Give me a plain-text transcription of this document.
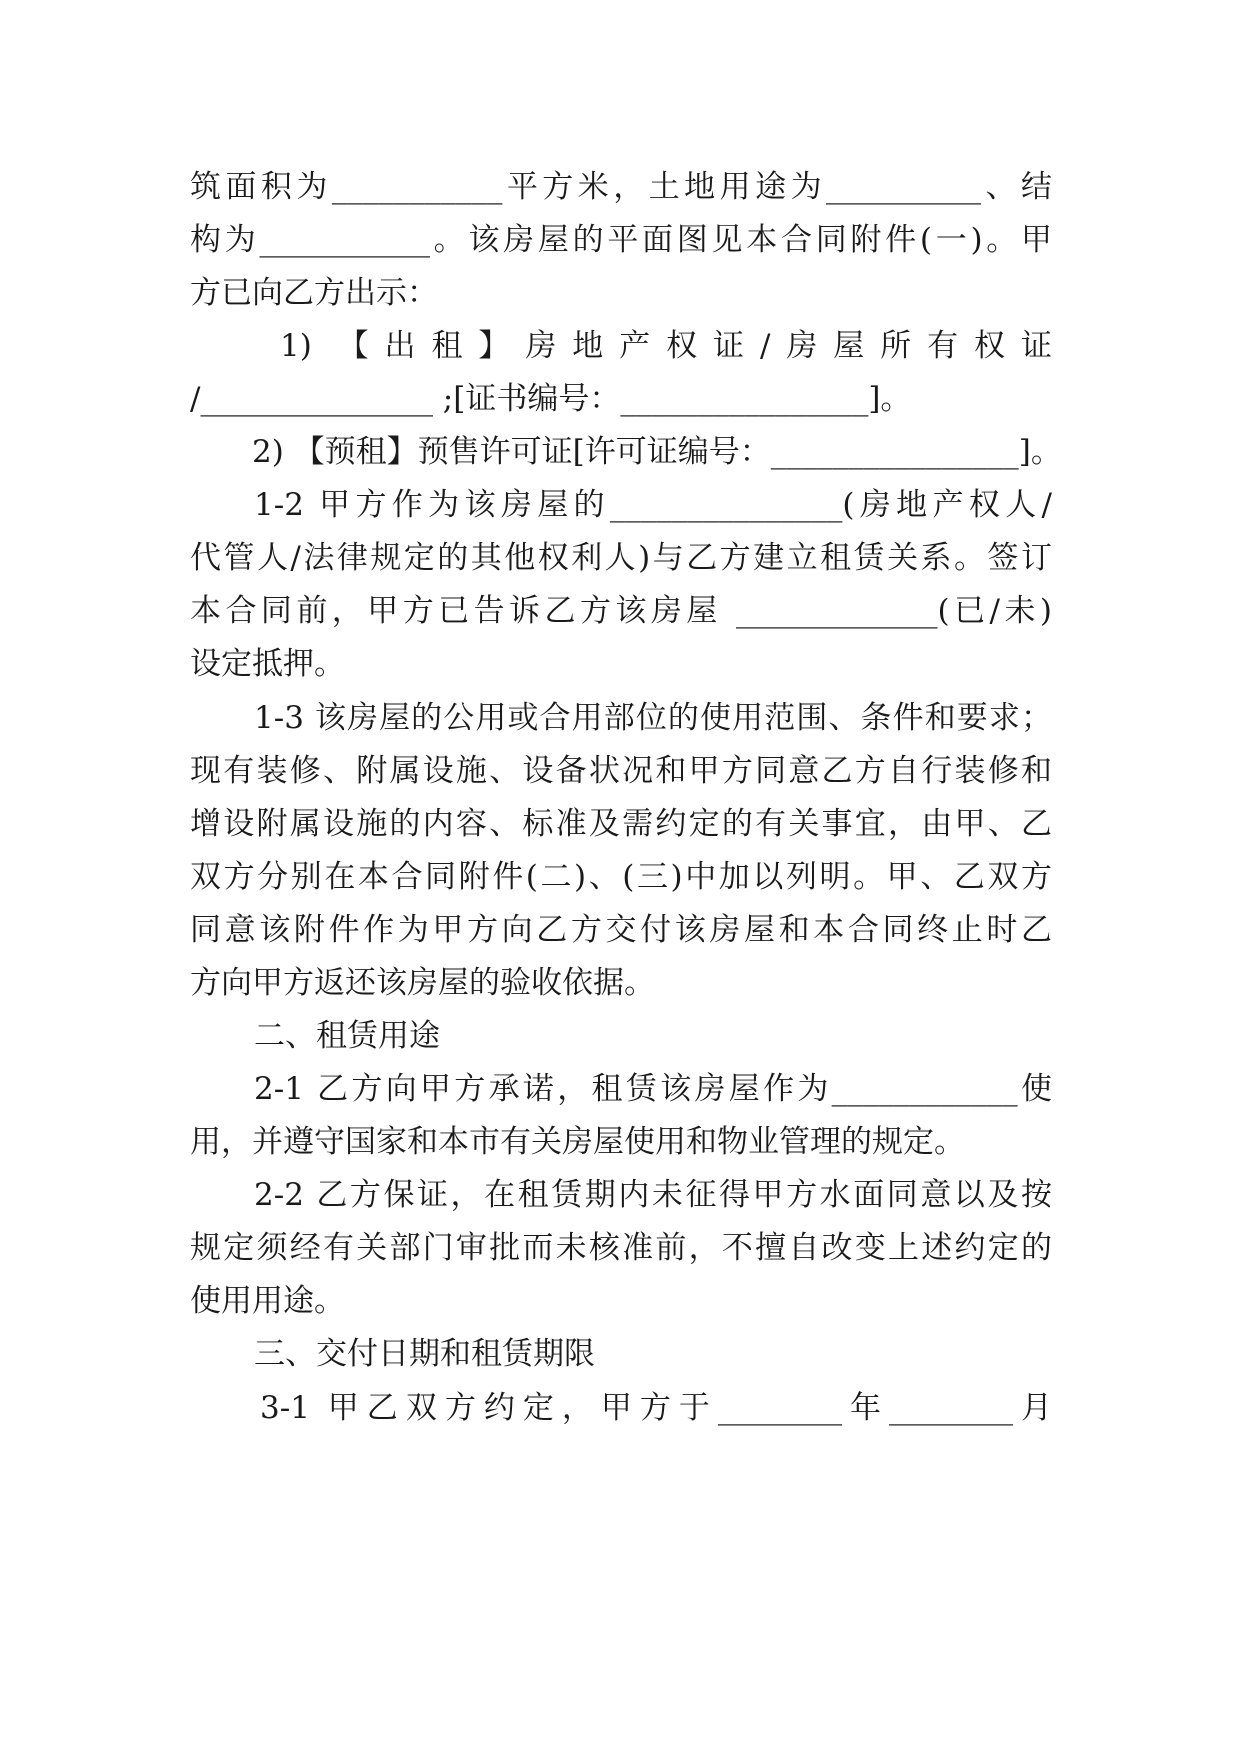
筑面积为___________平方米，土地用途为__________、结
构为___________。该房屋的平面图见本合同附件(一)。甲
方已向乙方出示：
1) 【出租】房地产权证/房屋所有权证
/_______________ ;[证书编号：________________]。
2) 【预租】预售许可证[许可证编号：________________]。
1-2 甲方作为该房屋的_______________(房地产权人/
代管人/法律规定的其他权利人)与乙方建立租赁关系。签订
本合同前，甲方已告诉乙方该房屋 _____________(已/未)
设定抵押。
1-3 该房屋的公用或合用部位的使用范围、条件和要求；
现有装修、附属设施、设备状况和甲方同意乙方自行装修和
增设附属设施的内容、标准及需约定的有关事宜，由甲、乙
双方分别在本合同附件(二)、(三)中加以列明。甲、乙双方
同意该附件作为甲方向乙方交付该房屋和本合同终止时乙
方向甲方返还该房屋的验收依据。
二、租赁用途
2-1 乙方向甲方承诺，租赁该房屋作为____________使
用，并遵守国家和本市有关房屋使用和物业管理的规定。
2-2 乙方保证，在租赁期内未征得甲方水面同意以及按
规定须经有关部门审批而未核准前，不擅自改变上述约定的
使用用途。
三、交付日期和租赁期限
3-1 甲乙双方约定，甲方于________年________月
